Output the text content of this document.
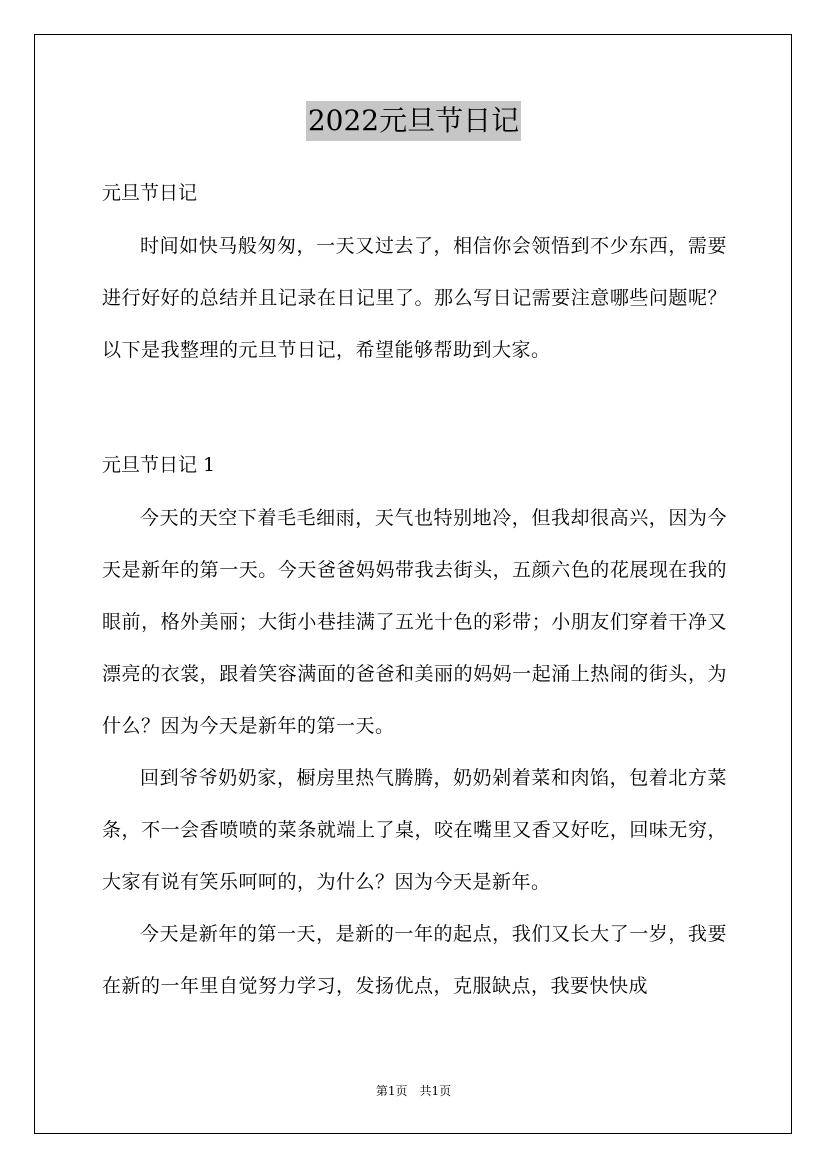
2022元旦节日记
元旦节日记

时间如快马般匆匆，一天又过去了，相信你会领悟到不少东西，需要进行好好的总结并且记录在日记里了。那么写日记需要注意哪些问题呢？以下是我整理的元旦节日记，希望能够帮助到大家。

元旦节日记 1

今天的天空下着毛毛细雨，天气也特别地冷，但我却很高兴，因为今天是新年的第一天。今天爸爸妈妈带我去街头，五颜六色的花展现在我的眼前，格外美丽；大街小巷挂满了五光十色的彩带；小朋友们穿着干净又漂亮的衣裳，跟着笑容满面的爸爸和美丽的妈妈一起涌上热闹的街头，为什么？因为今天是新年的第一天。

回到爷爷奶奶家，橱房里热气腾腾，奶奶剁着菜和肉馅，包着北方菜条，不一会香喷喷的菜条就端上了桌，咬在嘴里又香又好吃，回味无穷，大家有说有笑乐呵呵的，为什么？因为今天是新年。

今天是新年的第一天，是新的一年的起点，我们又长大了一岁，我要在新的一年里自觉努力学习，发扬优点，克服缺点，我要快快成

第1页　共1页
